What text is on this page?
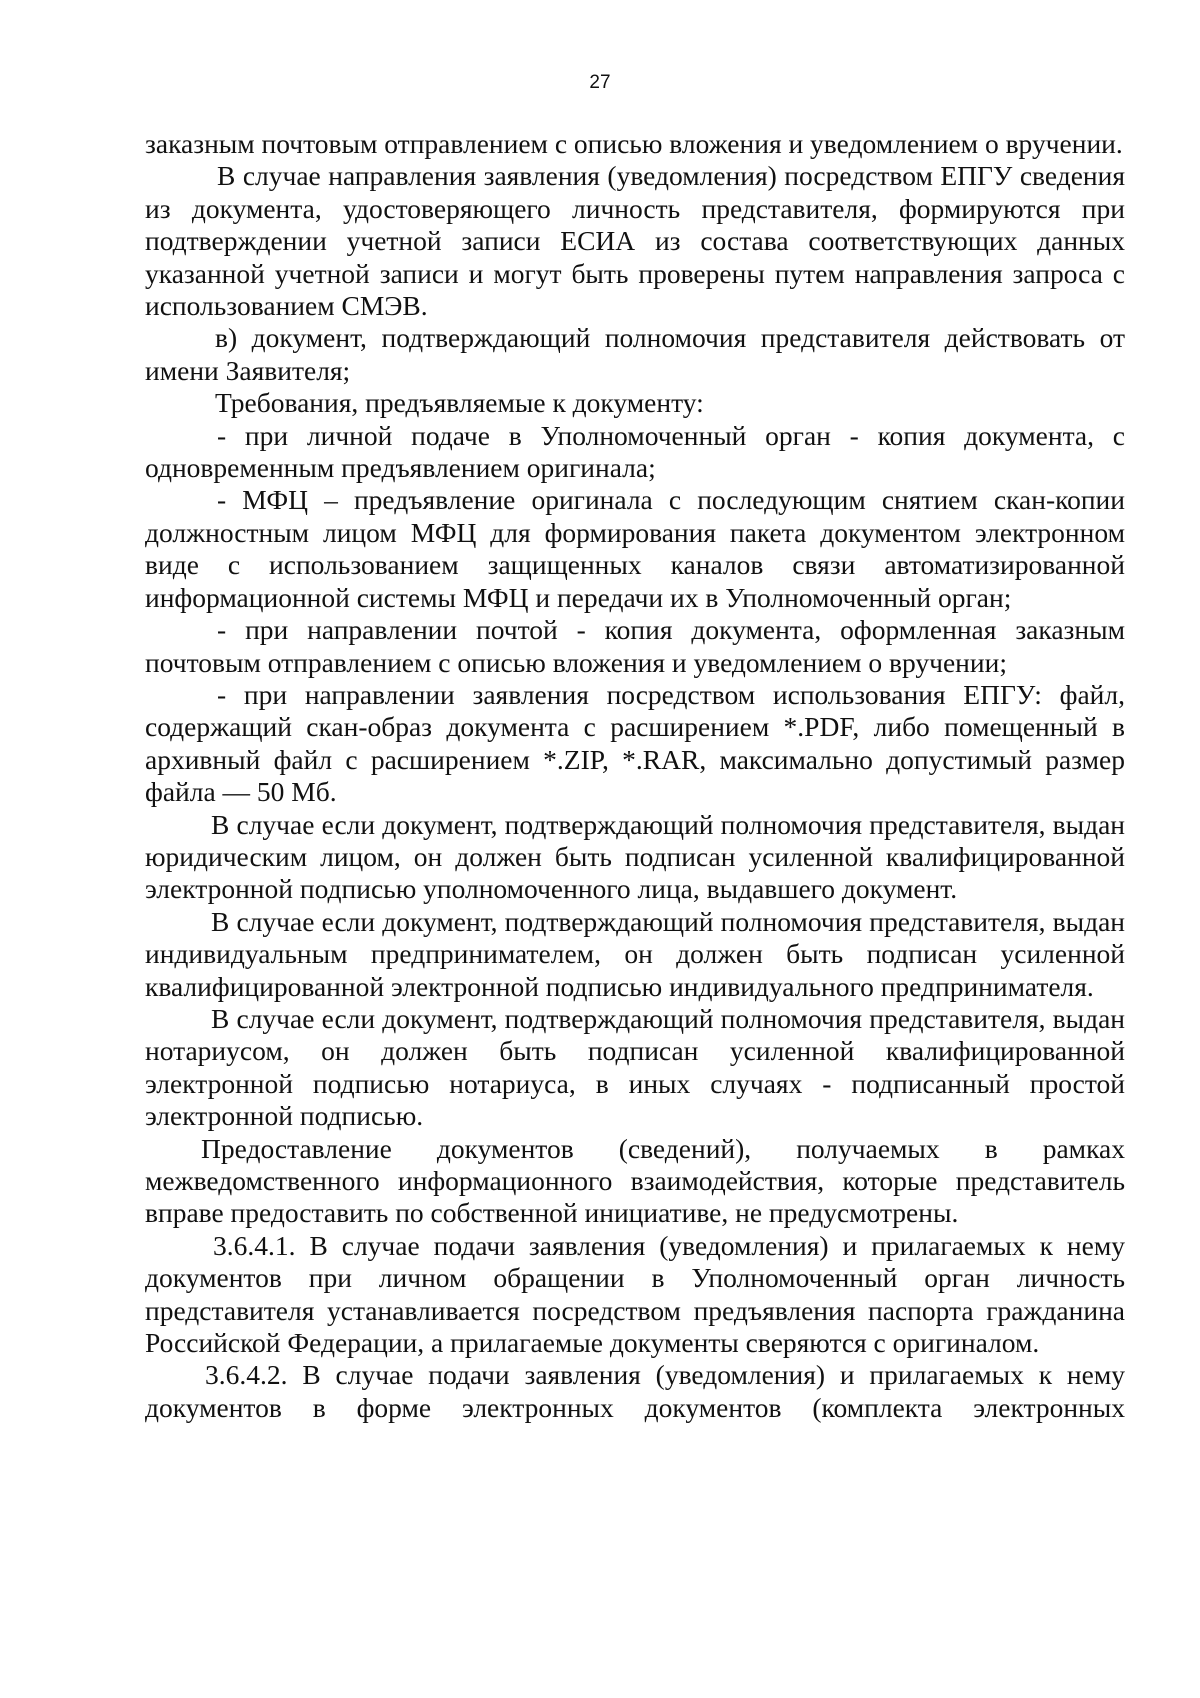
27

заказным почтовым отправлением с описью вложения и уведомлением о вручении.

В случае направления заявления (уведомления) посредством ЕПГУ сведения из документа, удостоверяющего личность представителя, формируются при подтверждении учетной записи ЕСИА из состава соответствующих данных указанной учетной записи и могут быть проверены путем направления запроса с использованием СМЭВ.

в) документ, подтверждающий полномочия представителя действовать от имени Заявителя;

Требования, предъявляемые к документу:

- при личной подаче в Уполномоченный орган - копия документа, с одновременным предъявлением оригинала;

- МФЦ – предъявление оригинала с последующим снятием скан-копии должностным лицом МФЦ для формирования пакета документом электронном виде с использованием защищенных каналов связи автоматизированной информационной системы МФЦ и передачи их в Уполномоченный орган;

- при направлении почтой - копия документа, оформленная заказным почтовым отправлением с описью вложения и уведомлением о вручении;

- при направлении заявления посредством использования ЕПГУ: файл, содержащий скан-образ документа с расширением *.PDF, либо помещенный в архивный файл с расширением *.ZIP, *.RAR, максимально допустимый размер файла — 50 Мб.

В случае если документ, подтверждающий полномочия представителя, выдан юридическим лицом, он должен быть подписан усиленной квалифицированной электронной подписью уполномоченного лица, выдавшего документ.

В случае если документ, подтверждающий полномочия представителя, выдан индивидуальным предпринимателем, он должен быть подписан усиленной квалифицированной электронной подписью индивидуального предпринимателя.

В случае если документ, подтверждающий полномочия представителя, выдан нотариусом, он должен быть подписан усиленной квалифицированной электронной подписью нотариуса, в иных случаях - подписанный простой электронной подписью.

Предоставление документов (сведений), получаемых в рамках межведомственного информационного взаимодействия, которые представитель вправе предоставить по собственной инициативе, не предусмотрены.

3.6.4.1. В случае подачи заявления (уведомления) и прилагаемых к нему документов при личном обращении в Уполномоченный орган личность представителя устанавливается посредством предъявления паспорта гражданина Российской Федерации, а прилагаемые документы сверяются с оригиналом.

3.6.4.2. В случае подачи заявления (уведомления) и прилагаемых к нему документов в форме электронных документов (комплекта электронных
